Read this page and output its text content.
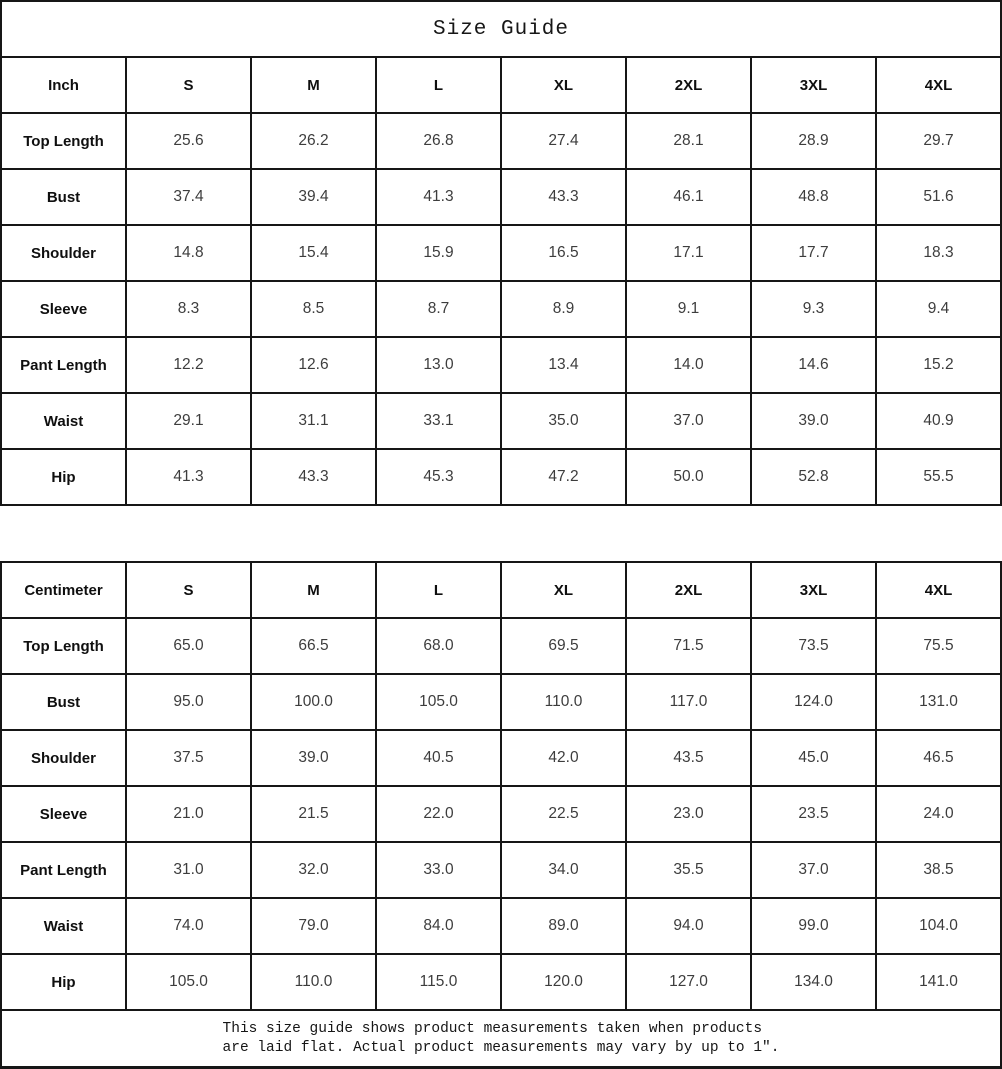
Size Guide
Inch	S	M	L	XL	2XL	3XL	4XL
Top Length	25.6	26.2	26.8	27.4	28.1	28.9	29.7
Bust	37.4	39.4	41.3	43.3	46.1	48.8	51.6
Shoulder	14.8	15.4	15.9	16.5	17.1	17.7	18.3
Sleeve	8.3	8.5	8.7	8.9	9.1	9.3	9.4
Pant Length	12.2	12.6	13.0	13.4	14.0	14.6	15.2
Waist	29.1	31.1	33.1	35.0	37.0	39.0	40.9
Hip	41.3	43.3	45.3	47.2	50.0	52.8	55.5
Centimeter	S	M	L	XL	2XL	3XL	4XL
Top Length	65.0	66.5	68.0	69.5	71.5	73.5	75.5
Bust	95.0	100.0	105.0	110.0	117.0	124.0	131.0
Shoulder	37.5	39.0	40.5	42.0	43.5	45.0	46.5
Sleeve	21.0	21.5	22.0	22.5	23.0	23.5	24.0
Pant Length	31.0	32.0	33.0	34.0	35.5	37.0	38.5
Waist	74.0	79.0	84.0	89.0	94.0	99.0	104.0
Hip	105.0	110.0	115.0	120.0	127.0	134.0	141.0
This size guide shows product measurements taken when products
are laid flat. Actual product measurements may vary by up to 1″.
